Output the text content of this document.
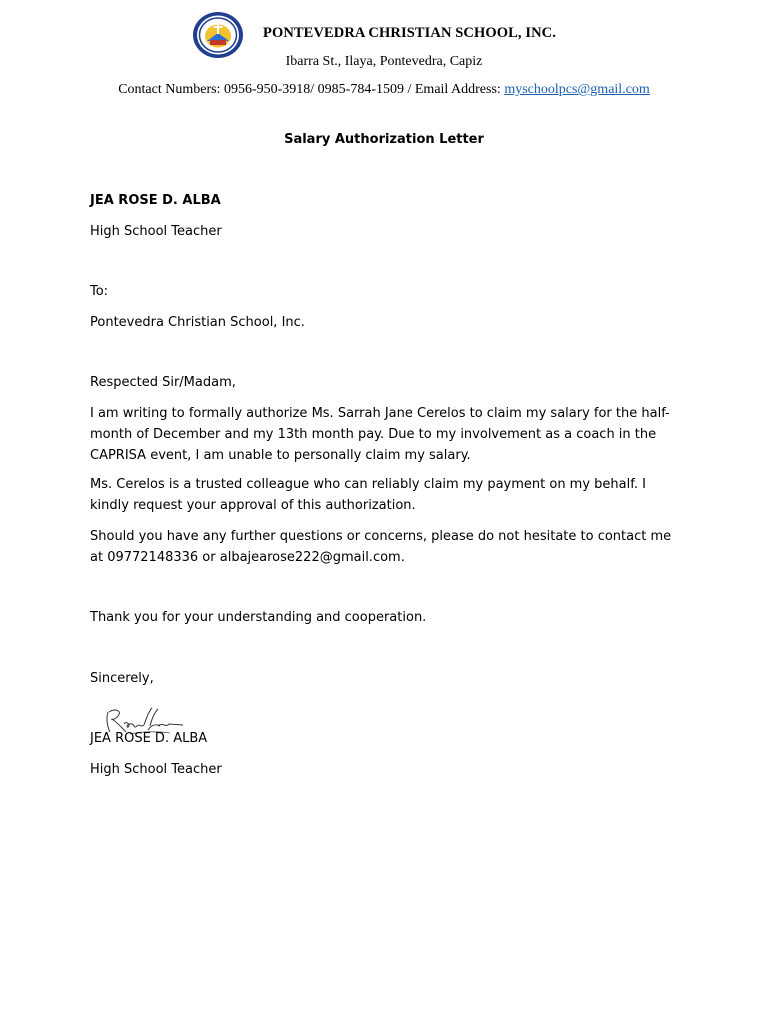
PONTEVEDRA CHRISTIAN SCHOOL, INC.
Ibarra St., Ilaya, Pontevedra, Capiz
Contact Numbers: 0956-950-3918/ 0985-784-1509 / Email Address: myschoolpcs@gmail.com
Salary Authorization Letter
JEA ROSE D. ALBA
High School Teacher
To:
Pontevedra Christian School, Inc.
Respected Sir/Madam,
I am writing to formally authorize Ms. Sarrah Jane Cerelos to claim my salary for the half-month of December and my 13th month pay. Due to my involvement as a coach in the CAPRISA event, I am unable to personally claim my salary.
Ms. Cerelos is a trusted colleague who can reliably claim my payment on my behalf. I kindly request your approval of this authorization.
Should you have any further questions or concerns, please do not hesitate to contact me at 09772148336 or albajearose222@gmail.com.
Thank you for your understanding and cooperation.
Sincerely,
JEA ROSE D. ALBA
High School Teacher
